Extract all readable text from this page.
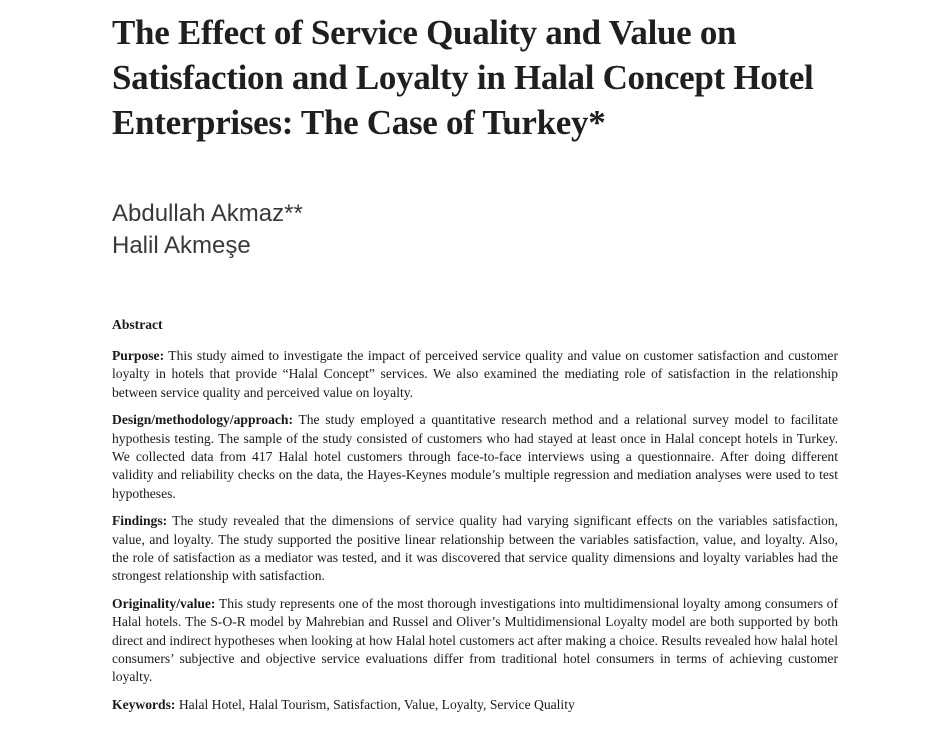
The Effect of Service Quality and Value on
Satisfaction and Loyalty in Halal Concept Hotel
Enterprises: The Case of Turkey*
Abdullah Akmaz**
Halil Akmeşe
Abstract

Purpose: This study aimed to investigate the impact of perceived service quality and value on customer satisfaction and customer loyalty in hotels that provide “Halal Concept” services. We also examined the mediating role of satisfaction in the relationship between service quality and perceived value on loyalty.

Design/methodology/approach: The study employed a quantitative research method and a relational survey model to facilitate hypothesis testing. The sample of the study consisted of customers who had stayed at least once in Halal concept hotels in Turkey. We collected data from 417 Halal hotel customers through face-to-face interviews using a questionnaire. After doing different validity and reliability checks on the data, the Hayes-Keynes module’s multiple regression and mediation analyses were used to test hypotheses.

Findings: The study revealed that the dimensions of service quality had varying significant effects on the variables satisfaction, value, and loyalty. The study supported the positive linear relationship between the variables satisfaction, value, and loyalty. Also, the role of satisfaction as a mediator was tested, and it was discovered that service quality dimensions and loyalty variables had the strongest relationship with satisfaction.

Originality/value: This study represents one of the most thorough investigations into multidimensional loyalty among consumers of Halal hotels. The S-O-R model by Mahrebian and Russel and Oliver’s Multidimensional Loyalty model are both supported by both direct and indirect hypotheses when looking at how Halal hotel customers act after making a choice. Results revealed how halal hotel consumers’ subjective and objective service evaluations differ from traditional hotel consumers in terms of achieving customer loyalty.

Keywords: Halal Hotel, Halal Tourism, Satisfaction, Value, Loyalty, Service Quality
